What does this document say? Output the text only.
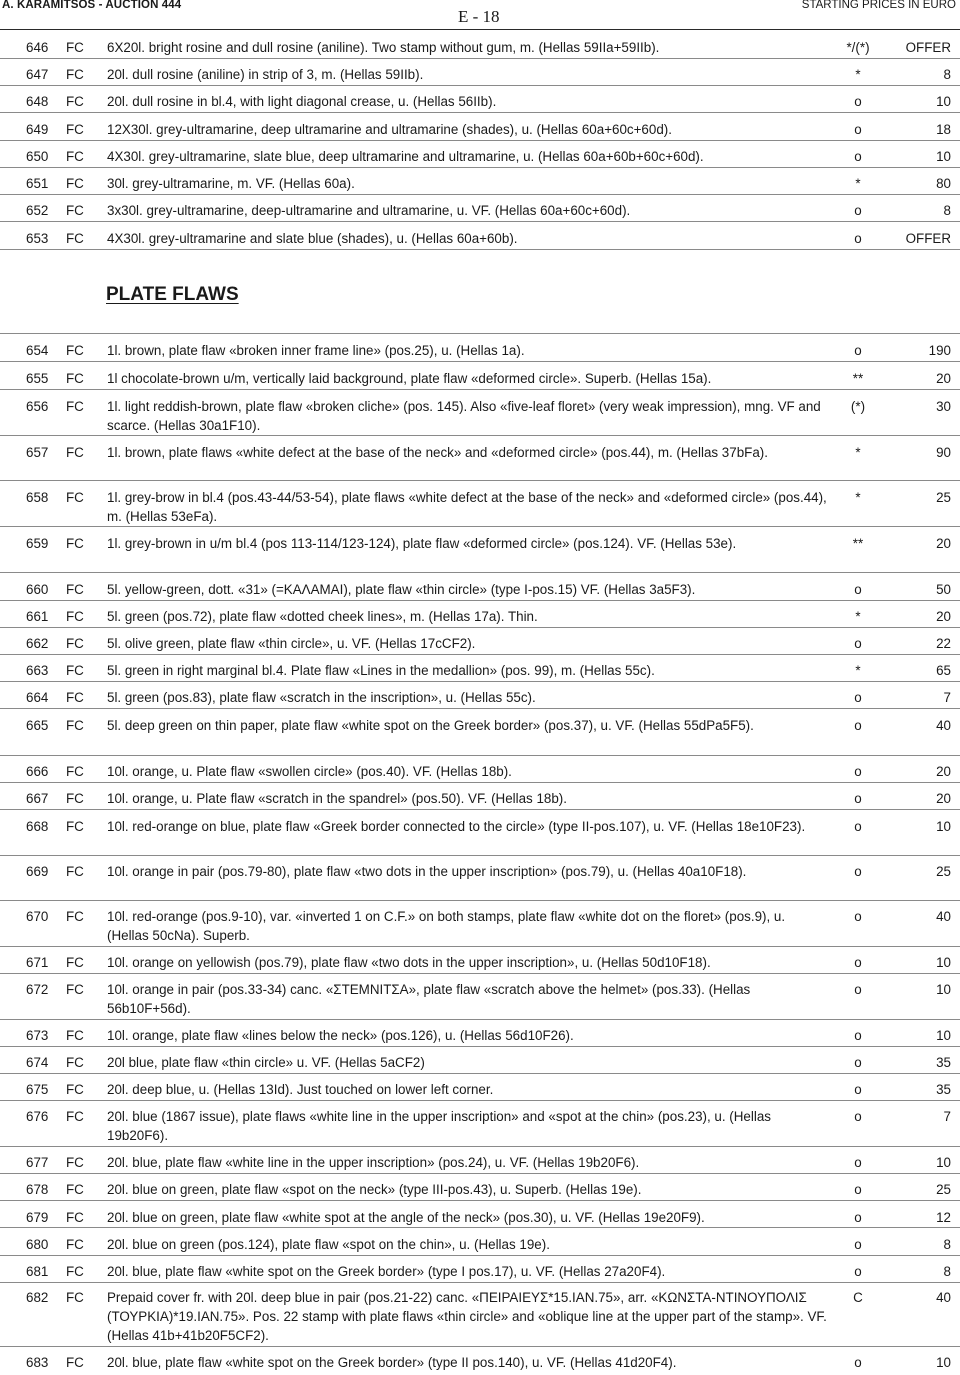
A. KARAMITSOS - AUCTION 444	STARTING PRICES IN EURO
E - 18
PLATE FLAWS
646 FC 6X20l. bright rosine and dull rosine (aniline). Two stamp without gum, m. (Hellas 59IIa+59IIb).	*/(*)	OFFER
647 FC 20l. dull rosine (aniline) in strip of 3, m. (Hellas 59IIb).	*	8
648 FC 20l. dull rosine in bl.4, with light diagonal crease, u. (Hellas 56IIb).	o	10
649 FC 12X30l. grey-ultramarine, deep ultramarine and ultramarine (shades), u. (Hellas 60a+60c+60d).	o	18
650 FC 4X30l. grey-ultramarine, slate blue, deep ultramarine and ultramarine, u. (Hellas 60a+60b+60c+60d).	o	10
651 FC 30l. grey-ultramarine, m. VF. (Hellas 60a).	*	80
652 FC 3x30l. grey-ultramarine, deep-ultramarine and ultramarine, u. VF. (Hellas 60a+60c+60d).	o	8
653 FC 4X30l. grey-ultramarine and slate blue (shades), u. (Hellas 60a+60b).	o	OFFER
654 FC 1l. brown, plate flaw «broken inner frame line» (pos.25), u. (Hellas 1a).	o	190
655 FC 1l chocolate-brown u/m, vertically laid background, plate flaw «deformed circle». Superb. (Hellas 15a).	**	20
656 FC 1l. light reddish-brown, plate flaw «broken cliche» (pos. 145). Also «five-leaf floret» (very weak impression), mng. VF and scarce. (Hellas 30a1F10).
(*)	30
657 FC 1l. brown, plate flaws «white defect at the base of the neck» and «deformed circle» (pos.44), m. (Hellas 37bFa).	*	90
658 FC 1l. grey-brow in bl.4 (pos.43-44/53-54), plate flaws «white defect at the base of the neck» and «deformed circle» (pos.44), m. (Hellas 53eFa).
*	25
659 FC 1l. grey-brown in u/m bl.4 (pos 113-114/123-124), plate flaw «deformed circle» (pos.124). VF. (Hellas 53e).	**	20
660 FC 5l. yellow-green, dott. «31» (=ΚΑΛΑΜΑΙ), plate flaw «thin circle» (type I-pos.15) VF. (Hellas 3a5F3).	o	50
661 FC 5l. green (pos.72), plate flaw «dotted cheek lines», m. (Hellas 17a). Thin.	*	20
662 FC 5l. olive green, plate flaw «thin circle», u. VF. (Hellas 17cCF2).	o	22
663 FC 5l. green in right marginal bl.4. Plate flaw «Lines in the medallion» (pos. 99), m. (Hellas 55c).	*	65
664 FC 5l. green (pos.83), plate flaw «scratch in the inscription», u. (Hellas 55c).	o	7
665 FC 5l. deep green on thin paper, plate flaw «white spot on the Greek border» (pos.37), u. VF. (Hellas 55dPa5F5).	o	40
666 FC 10l. orange, u. Plate flaw «swollen circle» (pos.40). VF. (Hellas 18b).	o	20
667 FC 10l. orange, u. Plate flaw «scratch in the spandrel» (pos.50). VF. (Hellas 18b).	o	20
668 FC 10l. red-orange on blue, plate flaw «Greek border connected to the circle» (type II-pos.107), u. VF. (Hellas 18e10F23).	o	10
669 FC 10l. orange in pair (pos.79-80), plate flaw «two dots in the upper inscription» (pos.79), u. (Hellas 40a10F18).	o	25
670 FC 10l. red-orange (pos.9-10), var. «inverted 1 on C.F.» on both stamps, plate flaw «white dot on the floret» (pos.9), u. (Hellas 50cNa). Superb.
o	40
671 FC 10l. orange on yellowish (pos.79), plate flaw «two dots in the upper inscription», u. (Hellas 50d10F18).	o	10
672 FC 10l. orange in pair (pos.33-34) canc. «ΣΤΕΜΝΙΤΣΑ», plate flaw «scratch above the helmet» (pos.33). (Hellas 56b10F+56d).
o	10
673 FC 10l. orange, plate flaw «lines below the neck» (pos.126), u. (Hellas 56d10F26).	o	10
674 FC 20l blue, plate flaw «thin circle» u. VF. (Hellas 5aCF2)	o	35
675 FC 20l. deep blue, u. (Hellas 13Id). Just touched on lower left corner.	o	35
676 FC 20l. blue (1867 issue), plate flaws «white line in the upper inscription» and «spot at the chin» (pos.23), u. (Hellas 19b20F6).
o	7
677 FC 20l. blue, plate flaw «white line in the upper inscription» (pos.24), u. VF. (Hellas 19b20F6).	o	10
678 FC 20l. blue on green, plate flaw «spot on the neck» (type III-pos.43), u. Superb. (Hellas 19e).	o	25
679 FC 20l. blue on green, plate flaw «white spot at the angle of the neck» (pos.30), u. VF. (Hellas 19e20F9).	o	12
680 FC 20l. blue on green (pos.124), plate flaw «spot on the chin», u. (Hellas 19e).	o	8
681 FC 20l. blue, plate flaw «white spot on the Greek border» (type I pos.17), u. VF. (Hellas 27a20F4).	o	8
682 FC Prepaid cover fr. with 20l. deep blue in pair (pos.21-22) canc. «ΠΕΙΡΑΙΕΥΣ*15.ΙΑΝ.75», arr. «ΚΩΝΣΤΑ-ΝΤΙΝΟΥΠΟΛΙΣ (ΤΟΥΡΚΙΑ)*19.ΙΑΝ.75». Pos. 22 stamp with plate flaws «thin circle» and «oblique line at the upper part of the stamp». VF. (Hellas 41b+41b20F5CF2).
C	40
683 FC 20l. blue, plate flaw «white spot on the Greek border» (type II pos.140), u. VF. (Hellas 41d20F4).	o	10
